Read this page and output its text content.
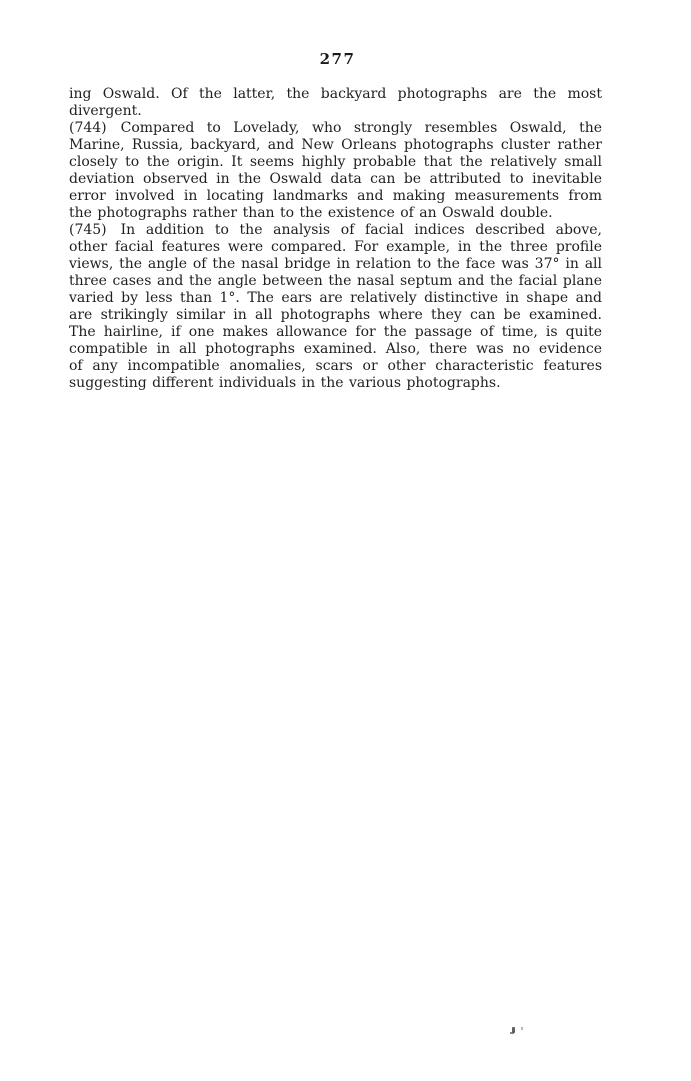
277
ing Oswald. Of the latter, the backyard photographs are the most
divergent.
(744) Compared to Lovelady, who strongly resembles Oswald, the
Marine, Russia, backyard, and New Orleans photographs cluster rather
closely to the origin. It seems highly probable that the relatively small
deviation observed in the Oswald data can be attributed to inevitable
error involved in locating landmarks and making measurements from
the photographs rather than to the existence of an Oswald double.
(745) In addition to the analysis of facial indices described above,
other facial features were compared. For example, in the three profile
views, the angle of the nasal bridge in relation to the face was 37° in all
three cases and the angle between the nasal septum and the facial plane
varied by less than 1°. The ears are relatively distinctive in shape and
are strikingly similar in all photographs where they can be examined.
The hairline, if one makes allowance for the passage of time, is quite
compatible in all photographs examined. Also, there was no evidence
of any incompatible anomalies, scars or other characteristic features
suggesting different individuals in the various photographs.
